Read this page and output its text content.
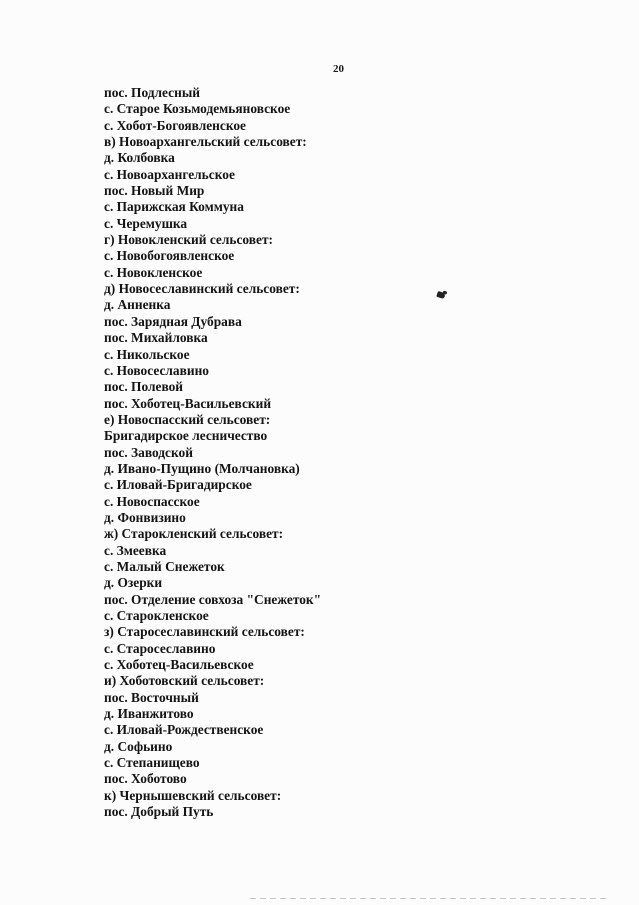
20
пос. Подлесный
с. Старое Козьмодемьяновское
с. Хобот-Богоявленское
в) Новоархангельский сельсовет:
д. Колбовка
с. Новоархангельское
пос. Новый Мир
с. Парижская Коммуна
с. Черемушка
г) Новокленский сельсовет:
с. Новобогоявленское
с. Новокленское
д) Новосеславинский сельсовет:
д. Анненка
пос. Зарядная Дубрава
пос. Михайловка
с. Никольское
с. Новосеславино
пос. Полевой
пос. Хоботец-Васильевский
е) Новоспасский сельсовет:
Бригадирское лесничество
пос. Заводской
д. Ивано-Пущино (Молчановка)
с. Иловай-Бригадирское
с. Новоспасское
д. Фонвизино
ж) Старокленский сельсовет:
с. Змеевка
с. Малый Снежеток
д. Озерки
пос. Отделение совхоза "Снежеток"
с. Старокленское
з) Старосеславинский сельсовет:
с. Старосеславино
с. Хоботец-Васильевское
и) Хоботовский сельсовет:
пос. Восточный
д. Иванжитово
с. Иловай-Рождественское
д. Софьино
с. Степанищево
пос. Хоботово
к) Чернышевский сельсовет:
пос. Добрый Путь
